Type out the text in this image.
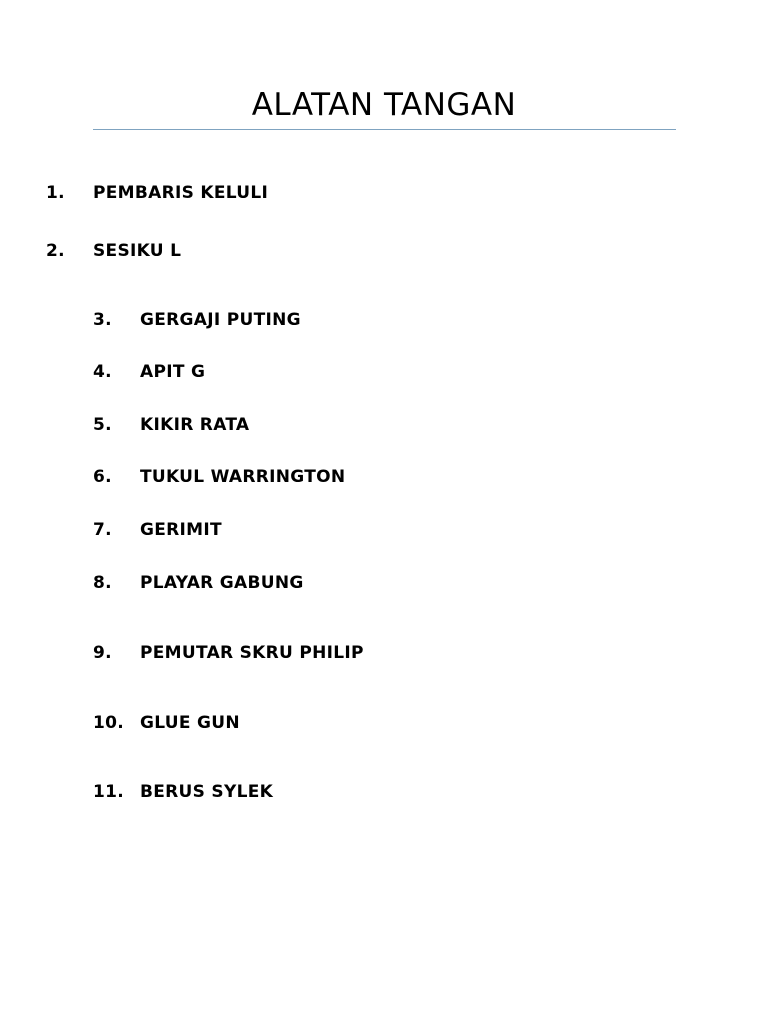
ALATAN TANGAN
1. PEMBARIS KELULI
2. SESIKU L
3. GERGAJI PUTING
4. APIT G
5. KIKIR RATA
6. TUKUL WARRINGTON
7. GERIMIT
8. PLAYAR GABUNG
9. PEMUTAR SKRU PHILIP
10. GLUE GUN
11. BERUS SYLEK
